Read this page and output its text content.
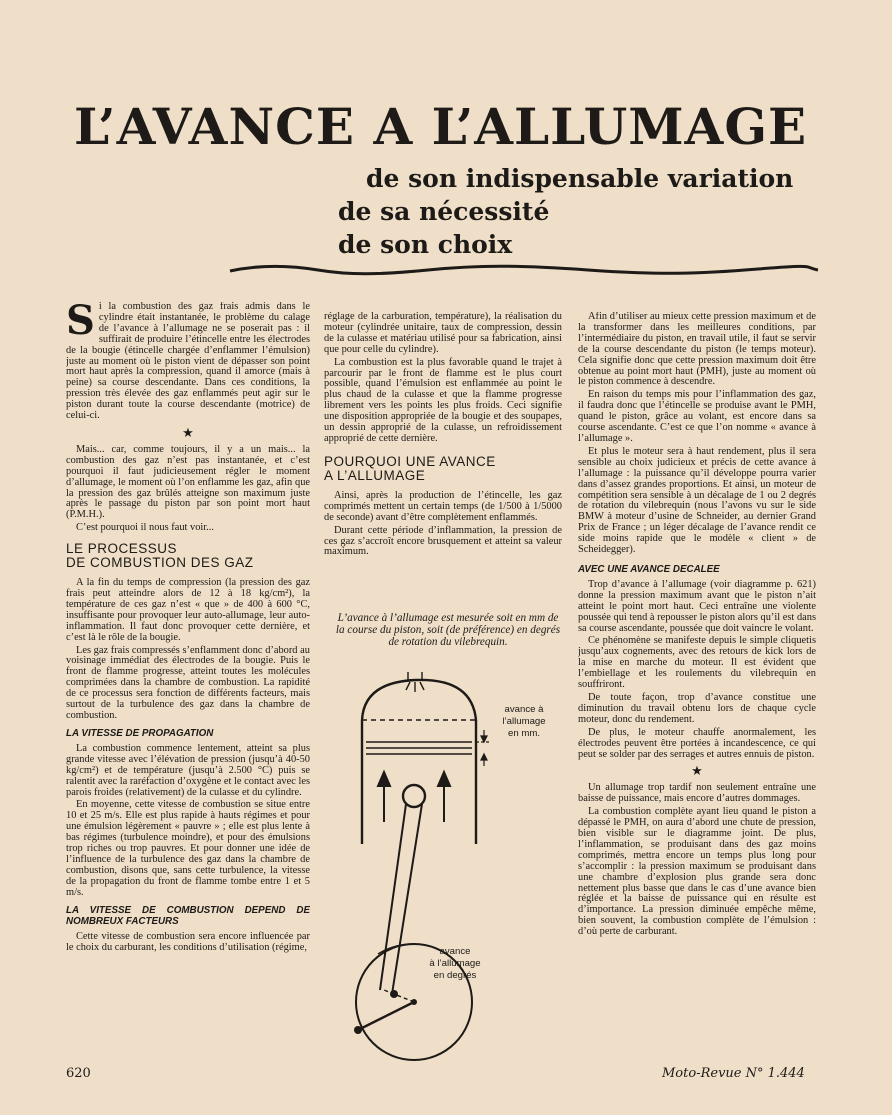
L’AVANCE A L’ALLUMAGE
de son indispensable variation
de sa nécessité
de son choix

Si la combustion des gaz frais admis dans le cylindre était instantanée, le problème du calage de l’avance à l’allumage ne se poserait pas : il suffirait de produire l’étincelle entre les électrodes de la bougie (étincelle chargée d’enflammer l’émulsion) juste au moment où le piston vient de dépasser son point mort haut après la compression, quand il amorce (mais à peine) sa course descendante. Dans ces conditions, la pression très élevée des gaz enflammés peut agir sur le piston durant toute la course descendante (motrice) de celui-ci.

★

Mais... car, comme toujours, il y a un mais... la combustion des gaz n’est pas instantanée, et c’est pourquoi il faut judicieusement régler le moment d’allumage, le moment où l’on enflamme les gaz, afin que la pression des gaz brûlés atteigne son maximum juste après le passage du piston par son point mort haut (P.M.H.).

C’est pourquoi il nous faut voir...

LE PROCESSUS
DE COMBUSTION DES GAZ

A la fin du temps de compression (la pression des gaz frais peut atteindre alors de 12 à 18 kg/cm²), la température de ces gaz n’est « que » de 400 à 600 °C, insuffisante pour provoquer leur auto-allumage, leur auto-inflammation. Il faut donc provoquer cette dernière, et c’est là le rôle de la bougie.

Les gaz frais compressés s’enflamment donc d’abord au voisinage immédiat des électrodes de la bougie. Puis le front de flamme progresse, atteint toutes les molécules comprimées dans la chambre de combustion. La rapidité de ce processus sera fonction de différents facteurs, mais surtout de la turbulence des gaz dans la chambre de combustion.

LA VITESSE DE PROPAGATION

La combustion commence lentement, atteint sa plus grande vitesse avec l’élévation de pression (jusqu’à 40-50 kg/cm²) et de température (jusqu’à 2.500 °C) puis se ralentit avec la raréfaction d’oxygène et le contact avec les parois froides (relativement) de la culasse et du cylindre.

En moyenne, cette vitesse de combustion se situe entre 10 et 25 m/s. Elle est plus rapide à hauts régimes et pour une émulsion légèrement « pauvre » ; elle est plus lente à bas régimes (turbulence moindre), et pour des émulsions trop riches ou trop pauvres. Et pour donner une idée de l’influence de la turbulence des gaz dans la chambre de combustion, disons que, sans cette turbulence, la vitesse de la propagation du front de flamme tombe entre 1 et 5 m/s.

LA VITESSE DE COMBUSTION DEPEND DE NOMBREUX FACTEURS

Cette vitesse de combustion sera encore influencée par le choix du carburant, les conditions d’utilisation (régime,

réglage de la carburation, température), la réalisation du moteur (cylindrée unitaire, taux de compression, dessin de la culasse et matériau utilisé pour sa fabrication, ainsi que pour celle du cylindre).

La combustion est la plus favorable quand le trajet à parcourir par le front de flamme est le plus court possible, quand l’émulsion est enflammée au point le plus chaud de la culasse et que la flamme progresse librement vers les points les plus froids. Ceci signifie une disposition appropriée de la bougie et des soupapes, un dessin approprié de la culasse, un refroidissement approprié de cette dernière.

POURQUOI UNE AVANCE
A L’ALLUMAGE

Ainsi, après la production de l’étincelle, les gaz comprimés mettent un certain temps (de 1/500 à 1/5000 de seconde) avant d’être complètement enflammés.

Durant cette période d’inflammation, la pression de ces gaz s’accroît encore brusquement et atteint sa valeur maximum.

L’avance à l’allumage est mesurée soit en mm de la course du piston, soit (de préférence) en degrés de rotation du vilebrequin.
avance à
l’allumage
en mm.
avance
à l’allumage
en degrés

Afin d’utiliser au mieux cette pression maximum et de la transformer dans les meilleures conditions, par l’intermédiaire du piston, en travail utile, il faut se servir de la course descendante du piston (le temps moteur). Cela signifie donc que cette pression maximum doit être obtenue au point mort haut (PMH), juste au moment où le piston commence à descendre.

En raison du temps mis pour l’inflammation des gaz, il faudra donc que l’étincelle se produise avant le PMH, quand le piston, grâce au volant, est encore dans sa course ascendante. C’est ce que l’on nomme « avance à l’allumage ».

Et plus le moteur sera à haut rendement, plus il sera sensible au choix judicieux et précis de cette avance à l’allumage : la puissance qu’il développe pourra varier dans d’assez grandes proportions. Et ainsi, un moteur de compétition sera sensible à un décalage de 1 ou 2 degrés de rotation du vilebrequin (nous l’avons vu sur le side BMW à moteur d’usine de Schneider, au dernier Grand Prix de France ; un léger décalage de l’avance rendit ce side moins rapide que le modèle « client » de Scheidegger).

AVEC UNE AVANCE DECALEE

Trop d’avance à l’allumage (voir diagramme p. 621) donne la pression maximum avant que le piston n’ait atteint le point mort haut. Ceci entraîne une violente poussée qui tend à repousser le piston alors qu’il est dans sa course ascendante, poussée que doit vaincre le volant.

Ce phénomène se manifeste depuis le simple cliquetis jusqu’aux cognements, avec des retours de kick lors de la mise en marche du moteur. Il est évident que l’embiellage et les roulements du vilebrequin en souffriront.

De toute façon, trop d’avance constitue une diminution du travail obtenu lors de chaque cycle moteur, donc du rendement.

De plus, le moteur chauffe anormalement, les électrodes peuvent être portées à incandescence, ce qui peut se solder par des serrages et autres ennuis de piston.

★

Un allumage trop tardif non seulement entraîne une baisse de puissance, mais encore d’autres dommages.

La combustion complète ayant lieu quand le piston a dépassé le PMH, on aura d’abord une chute de pression, bien visible sur le diagramme joint. De plus, l’inflammation, se produisant dans des gaz moins comprimés, mettra encore un temps plus long pour s’accomplir : la pression maximum se produisant dans une chambre d’explosion plus grande sera donc nettement plus basse que dans le cas d’une avance bien réglée et la baisse de puissance qui en résulte est d’importance. La pression diminuée empêche même, bien souvent, la combustion complète de l’émulsion : d’où perte de carburant.

620	Moto-Revue N° 1.444
